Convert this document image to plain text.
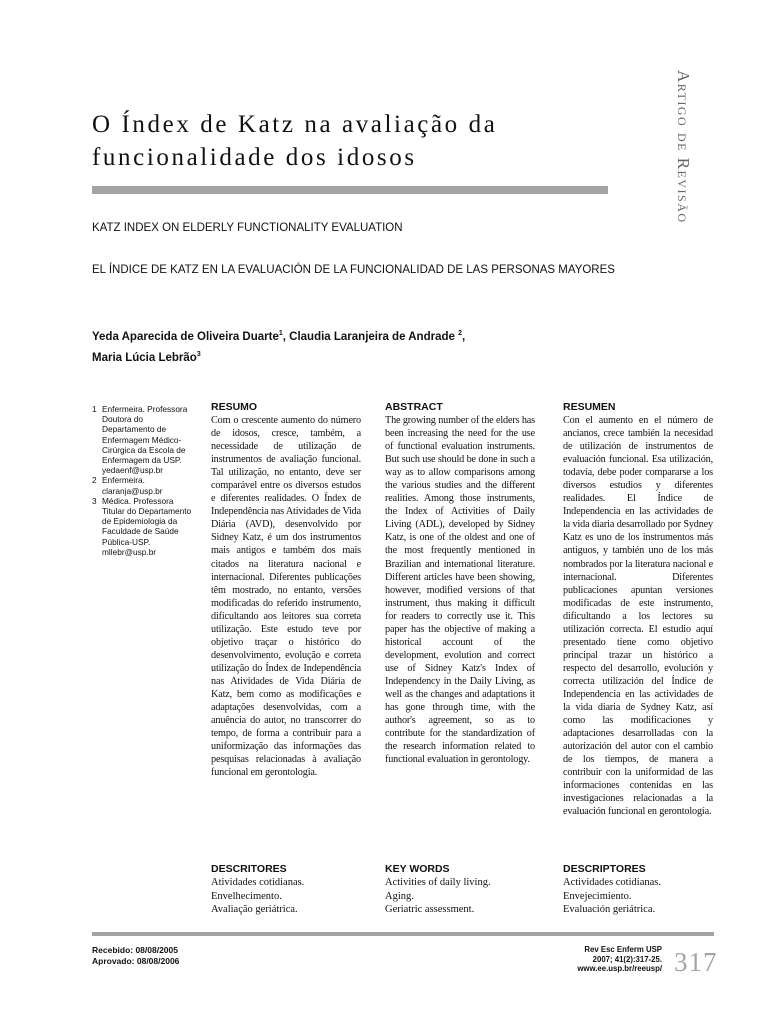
Artigo de Revisão
O Índex de Katz na avaliação da
funcionalidade dos idosos

KATZ INDEX ON ELDERLY FUNCTIONALITY EVALUATION

EL ÍNDICE DE KATZ EN LA EVALUACIÓN DE LA FUNCIONALIDAD DE LAS PERSONAS MAYORES

Yeda Aparecida de Oliveira Duarte$^1$, Claudia Laranjeira de Andrade $^2$,
Maria Lúcia Lebrão$^3$

1 Enfermeira. Professora Doutora do Departamento de Enfermagem Médico-Cirúrgica da Escola de Enfermagem da USP. yedaenf@usp.br
2 Enfermeira. claranja@usp.br
3 Médica. Professora Titular do Departamento de Epidemiologia da Faculdade de Saúde Pública-USP. mllebr@usp.br
RESUMO

Com o crescente aumento do número de idosos, cresce, também, a necessidade de utilização de instrumentos de avaliação funcional. Tal utilização, no entanto, deve ser comparável entre os diversos estudos e diferentes realidades. O Índex de Independência nas Atividades de Vida Diária (AVD), desenvolvido por Sidney Katz, é um dos instrumentos mais antigos e também dos mais citados na literatura nacional e internacional. Diferentes publicações têm mostrado, no entanto, versões modificadas do referido instrumento, dificultando aos leitores sua correta utilização. Este estudo teve por objetivo traçar o histórico do desenvolvimento, evolução e correta utilização do Índex de Independência nas Atividades de Vida Diária de Katz, bem como as modificações e adaptações desenvolvidas, com a anuência do autor, no transcorrer do tempo, de forma a contribuir para a uniformização das informações das pesquisas relacionadas à avaliação funcional em gerontologia.

ABSTRACT

The growing number of the elders has been increasing the need for the use of functional evaluation instruments. But such use should be done in such a way as to allow comparisons among the various studies and the different realities. Among those instruments, the Index of Activities of Daily Living (ADL), developed by Sidney Katz, is one of the oldest and one of the most frequently mentioned in Brazilian and international literature. Different articles have been showing, however, modified versions of that instrument, thus making it difficult for readers to correctly use it. This paper has the objective of making a historical account of the development, evolution and correct use of Sidney Katz's Index of Independency in the Daily Living, as well as the changes and adaptations it has gone through time, with the author's agreement, so as to contribute for the standardization of the research information related to functional evaluation in gerontology.

RESUMEN

Con el aumento en el número de ancianos, crece también la necesidad de utilización de instrumentos de evaluación funcional. Esa utilización, todavía, debe poder compararse a los diversos estudios y diferentes realidades. El Índice de Independencia en las actividades de la vida diaria desarrollado por Sydney Katz es uno de los instrumentos más antiguos, y también uno de los más nombrados por la literatura nacional e internacional. Diferentes publicaciones apuntan versiones modificadas de este instrumento, dificultando a los lectores su utilización correcta. El estudio aquí presentado tiene como objetivo principal trazar un histórico a respecto del desarrollo, evolución y correcta utilización del Índice de Independencia en las actividades de la vida diaria de Sydney Katz, así como las modificaciones y adaptaciones desarrolladas con la autorización del autor con el cambio de los tiempos, de manera a contribuir con la uniformidad de las informaciones contenidas en las investigaciones relacionadas a la evaluación funcional en gerontología.

DESCRITORES
Atividades cotidianas.
Envelhecimento.
Avaliação geriátrica.
KEY WORDS
Activities of daily living.
Aging.
Geriatric assessment.
DESCRIPTORES
Actividades cotidianas.
Envejecimiento.
Evaluación geriátrica.
Recebido: 08/08/2005
Aprovado: 08/08/2006
Rev Esc Enferm USP
2007; 41(2):317-25.
www.ee.usp.br/reeusp/ 317
